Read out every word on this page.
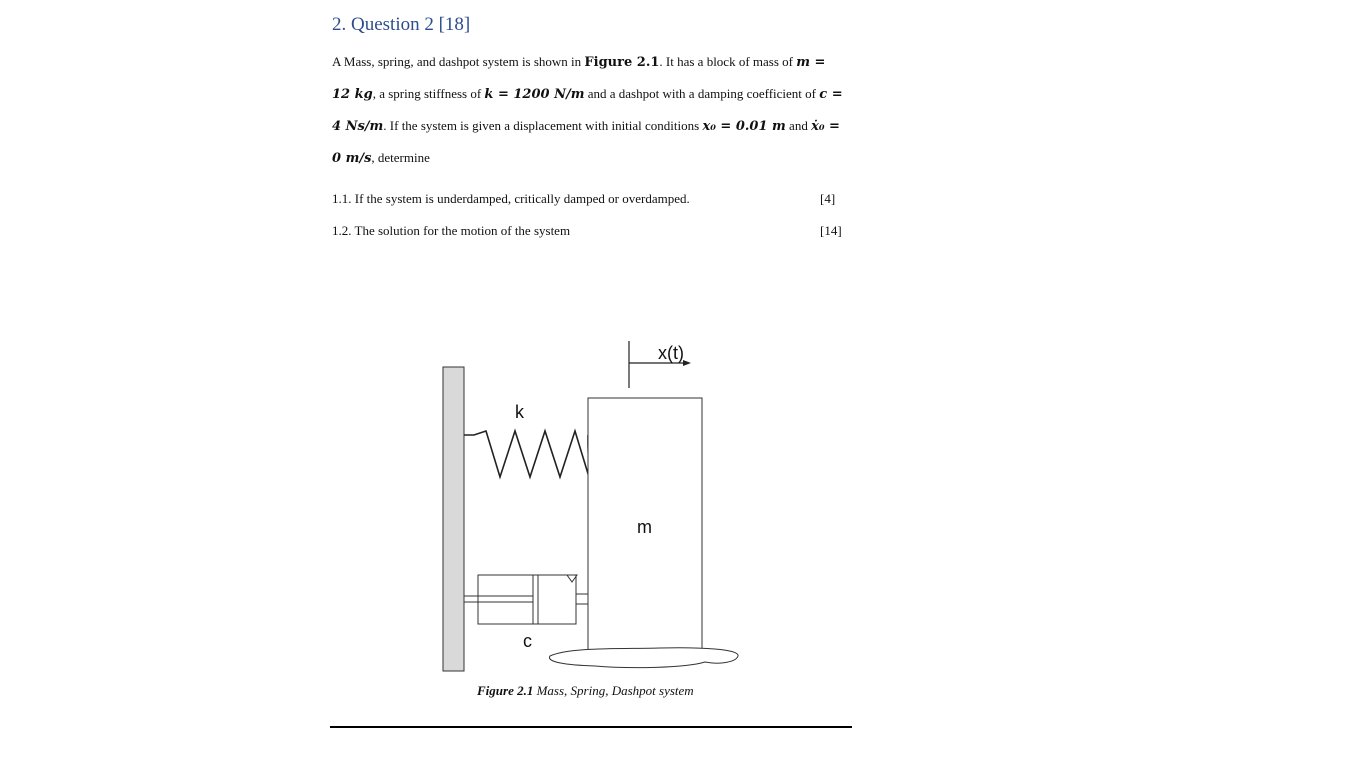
2. Question 2 [18]
A Mass, spring, and dashpot system is shown in Figure 2.1. It has a block of mass of m =
12 kg, a spring stiffness of k = 1200 N/m and a dashpot with a damping coefficient of c =
4 Ns/m. If the system is given a displacement with initial conditions x₀ = 0.01 m and ẋ₀ =
0 m/s, determine
1.1. If the system is underdamped, critically damped or overdamped.	[4]
1.2. The solution for the motion of the system	[14]
x(t)
k
m
c
Figure 2.1 Mass, Spring, Dashpot system
